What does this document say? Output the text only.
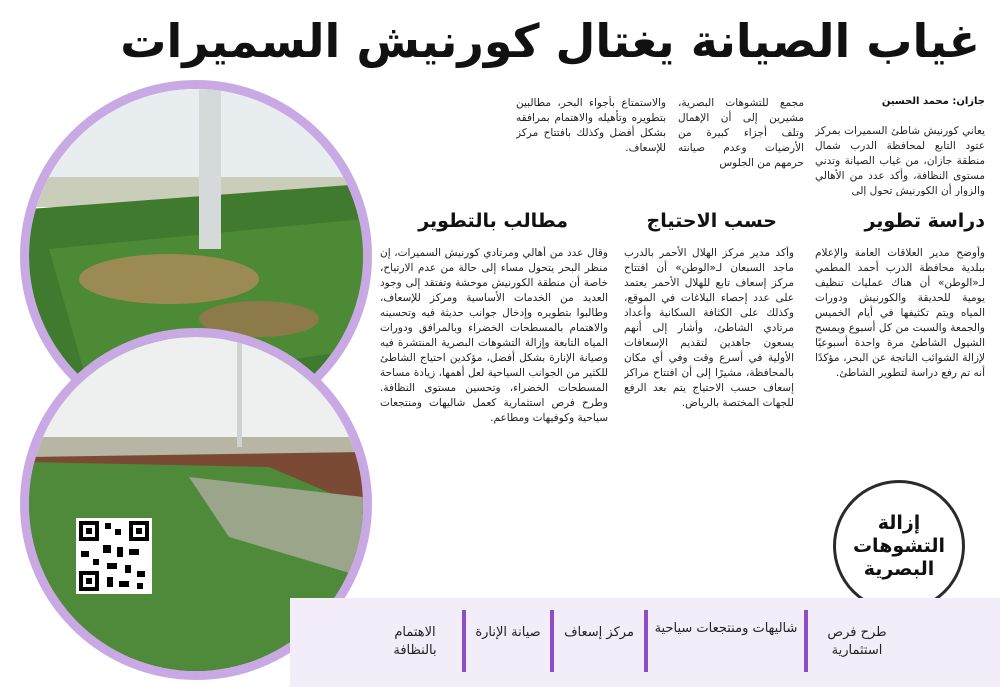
غياب الصيانة يغتال كورنيش السميرات

جازان: محمد الحسين

يعاني كورنيش شاطئ السميرات بمركز عتود التابع لمحافظة الدرب شمال منطقة جازان، من غياب الصيانة وتدني مستوى النظافة، وأكد عدد من الأهالي والزوار أن الكورنيش تحول إلى

مجمع للتشوهات البصرية، مشيرين إلى أن الإهمال وتلف أجزاء كبيرة من الأرضيات وعدم صيانته حرمهم من الجلوس

والاستمتاع بأجواء البحر، مطالبين بتطويره وتأهيله والاهتمام بمرافقه بشكل أفضل وكذلك بافتتاح مركز للإسعاف.

دراسة تطوير

وأوضح مدير العلاقات العامة والإعلام ببلدية محافظة الدرب أحمد المطمي لـ«الوطن» أن هناك عمليات تنظيف يومية للحديقة والكورنيش ودورات المياه ويتم تكثيفها في أيام الخميس والجمعة والسبت من كل أسبوع ويمسح الشيول الشاطئ مرة واحدة أسبوعيًا لإزالة الشوائب الناتجة عن البحر، مؤكدًا أنه تم رفع دراسة لتطوير الشاطئ.

حسب الاحتياج

وأكد مدير مركز الهلال الأحمر بالدرب ماجد السبعان لـ«الوطن» أن افتتاح مركز إسعاف تابع للهلال الأحمر يعتمد على عدد إحصاء البلاغات في الموقع، وكذلك على الكثافة السكانية وأعداد مرتادي الشاطئ، وأشار إلى أنهم يسعون جاهدين لتقديم الإسعافات الأولية في أسرع وقت وفي أي مكان بالمحافظة، مشيرًا إلى أن افتتاح مراكز إسعاف حسب الاحتياج يتم بعد الرفع للجهات المختصة بالرياض.

مطالب بالتطوير

وقال عدد من أهالي ومرتادي كورنيش السميرات، إن منظر البحر يتحول مساء إلى حالة من عدم الارتياح، خاصة أن منطقة الكورنيش موحشة وتفتقد إلى وجود العديد من الخدمات الأساسية ومركز للإسعاف، وطالبوا بتطويره وإدخال جوانب حديثة فيه وتحسينه والاهتمام بالمسطحات الخضراء وبالمرافق ودورات المياه التابعة وإزالة التشوهات البصرية المنتشرة فيه وصيانة الإنارة بشكل أفضل، مؤكدين احتياج الشاطئ للكثير من الجوانب السياحية لعل أهمها، زيادة مساحة المسطحات الخضراء، وتحسين مستوى النظافة. وطرح فرص استثمارية كعمل شاليهات ومنتجعات سياحية وكوفيهات ومطاعم.

إزالة
التشوهات
البصرية

طرح فرص استثمارية

شاليهات ومنتجعات سياحية

مركز إسعاف

صيانة الإنارة

الاهتمام بالنظافة
